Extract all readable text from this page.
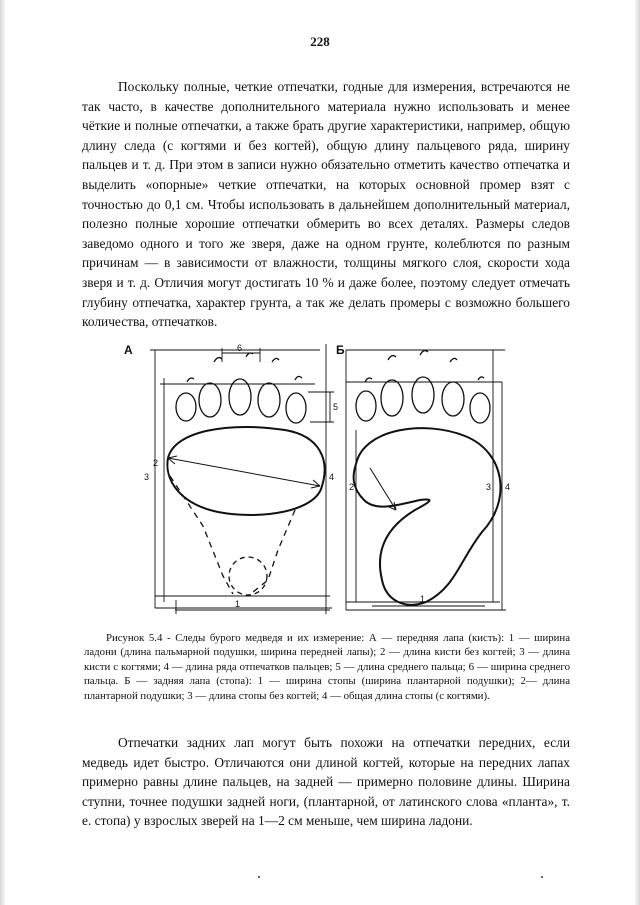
228

Поскольку полные, четкие отпечатки, годные для измерения, встречаются не так часто, в качестве дополнительного материала нужно использовать и менее чёткие и полные отпечатки, а также брать другие характеристики, например, общую длину следа (с когтями и без когтей), общую длину пальцевого ряда, ширину пальцев и т. д. При этом в записи нужно обязательно отметить качество отпечатка и выделить «опорные» четкие отпечатки, на которых основной промер взят с точностью до 0,1 см. Чтобы использовать в дальнейшем дополнительный материал, полезно полные хорошие отпечатки обмерить во всех деталях. Размеры следов заведомо одного и того же зверя, даже на одном грунте, колеблются по разным причинам — в зависимости от влажности, толщины мягкого слоя, скорости хода зверя и т. д. Отличия могут достигать 10 % и даже более, поэтому следует отмечать глубину отпечатка, характер грунта, а так же делать промеры с возможно большего количества, отпечатков.

А	Б
3
2
1
6
5
4
2	3 4
1

Рисунок 5.4 - Следы бурого медведя и их измерение: А — передняя лапа (кисть): 1 — ширина ладони (длина пальмарной подушки, ширина передней лапы); 2 — длина кисти без когтей; 3 — длина кисти с когтями; 4 — длина ряда отпечатков пальцев; 5 — длина среднего пальца; 6 — ширина среднего пальца. Б — задняя лапа (стопа): 1 — ширина стопы (ширина плантарной подушки); 2— длина плантарной подушки; 3 — длина стопы без когтей; 4 — общая длина стопы (с когтями).

Отпечатки задних лап могут быть похожи на отпечатки передних, если медведь идет быстро. Отличаются они длиной когтей, которые на передних лапах примерно равны длине пальцев, на задней — примерно половине длины. Ширина ступни, точнее подушки задней ноги, (плантарной, от латинского слова «планта», т. е. стопа) у взрослых зверей на 1—2 см меньше, чем ширина ладони.
